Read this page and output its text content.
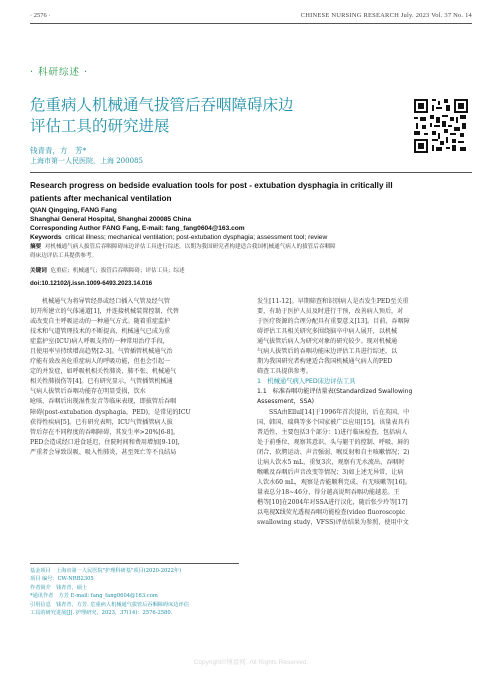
· 2576 ·	CHINESE NURSING RESEARCH July. 2023 Vol. 37 No. 14
· 科研综述 ·
危重病人机械通气拔管后吞咽障碍床边
评估工具的研究进展
钱青青，方　芳*
上海市第一人民医院，上海 200085
Research progress on bedside evaluation tools for post - extubation dysphagia in critically ill
patients after mechanical ventilation
QIAN Qingqing, FANG Fang
Shanghai General Hospital, Shanghai 200085 China
Corresponding Author FANG Fang, E-mail: fang_fang0604@163.com
Keywords critical illness; mechanical ventilation; post-extubation dysphagia; assessment tool; review
摘要 对机械通气病人拔管后吞咽障碍床边评估工具进行综述，以期为我国研究者构建适合我国机械通气病人的拔管后吞咽障
碍床边评估工具提供参考。
关键词 危重症；机械通气；拔管后吞咽障碍；评估工具；综述
doi:10.12102/j.issn.1009-6493.2023.14.016
机械通气为将导管经鼻或经口插入气管及经气管
切开所建立的气体通道[1]，并连接机械装置控制、代替
或改变自主呼吸运动的一种通气方式。随着重症监护
技术和气道管理技术的不断提高，机械通气已成为重
症监护室(ICU)病人呼吸支持的一种常用治疗手段，
且使用率呈持续增高趋势[2-3]。气管插管机械通气治
疗能有效改善危重症病人的呼吸功能，但也会引起一
定的并发症，如呼吸机相关性肺炎、肺不张、机械通气
相关性肺损伤等[4]。已有研究显示，气管插管机械通
气病人拔管后吞咽功能存在明显受损，饮水
呛咳，吞咽后出现湿性发音等临床表现，即拔管后吞咽
障碍(post-extubation dysphagia，PED)，是常见的ICU
获得性疾病[5]。已有研究表明，ICU气管插管病人拔
管后存在不同程度的吞咽障碍，其发生率>20%[6-8]。
PED会造成经口进食延迟，住院时间和费用增加[9-10]，
严重者会导致误吸、吸入性肺炎，甚至死亡等不良结局
发生[11-12]。早期筛查和识别病人是否发生PED至关重
要，有助于医护人员及时进行干预，改善病人预后，对
于医疗资源的合理分配具有重要意义[13]。目前，吞咽障
碍评估工具相关研究多围绕脑卒中病人展开，以机械
通气拔管后病人为研究对象的研究较少。现对机械通
气病人拔管后的吞咽功能床边评估工具进行综述，以
期为我国研究者构建适合我国机械通气病人的PED
筛查工具提供参考。
1　机械通气病人PED床边评估工具
1.1　标准吞咽功能评估量表(Standardized Swallowing
Assessment，SSA)
SSA由Ellul[14]于1996年首次提出，后在英国、中
国、韩国、瑞典等多个国家被广泛应用[15]。该量表具有
普适性，主要包括3个部分：1)进行临床检查，包括病人
处于前垂位、观察其意识、头与躯干的控制、呼吸、唇的
闭合、软腭运动、声音强弱、喉反射和自主咳嗽情况；2)
让病人饮水5 mL，重复3次，观察有无水流出、吞咽时
喉嗽及吞咽后声音改变等情况；3)如上述无异常，让病
人饮水60 mL，观察是否能顺利完成、有无咳嗽等[16]。
量表总分18~46分，得分越高说明吞咽功能越差。王
楷等[10]在2004年对SSA进行汉化，随后张少玲等[17]
以电视X线荧光透视吞咽功能检查(video fluoroscopic
swallowing study，VFSS)评估结果为参照，使用中文
基金项目　上海市第一人民医院"护理科研基"项目(2020-2022年)
项目 编号：CW-NRB2305
作者简介　钱青青，硕士
*通讯作者　方芳 E-mail: fang_fang0604@163.com
引用信息　钱青青，方芳. 危重病人机械通气拔管后吞咽障碍床边评估
工具的研究进展[J]. 护理研究，2023，37(14)：2576-2580.
Copyright©博看网. All Rights Reserved.
